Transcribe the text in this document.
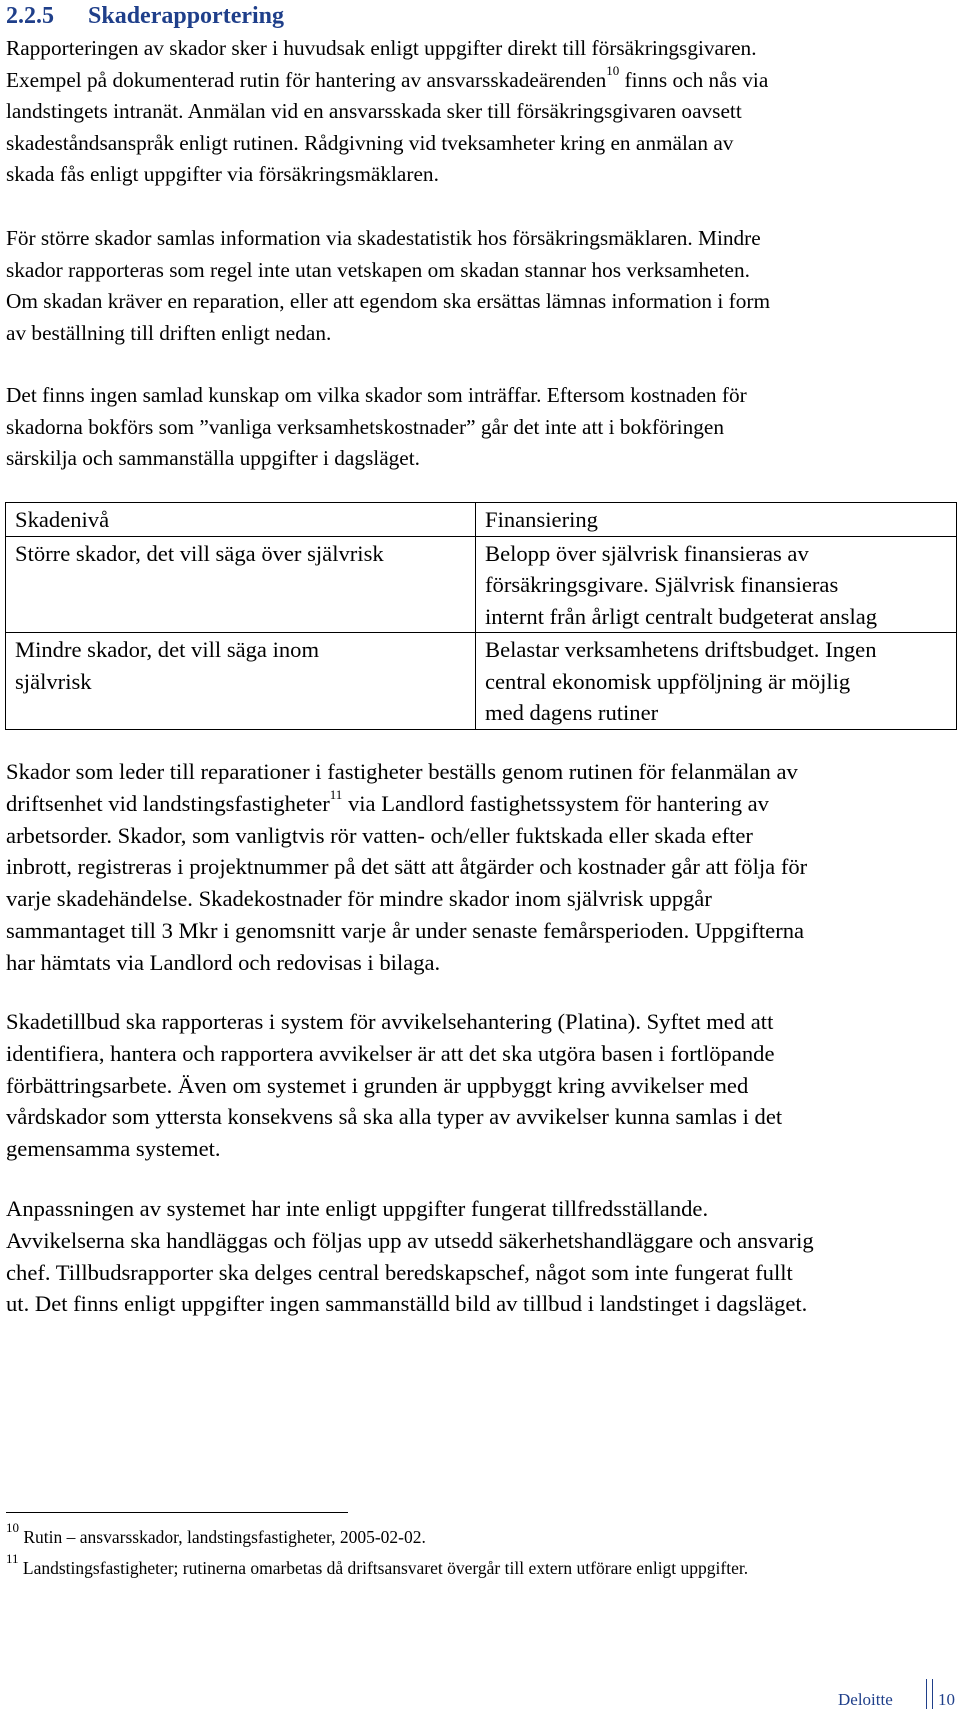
2.2.5 Skaderapportering
Rapporteringen av skador sker i huvudsak enligt uppgifter direkt till försäkringsgivaren.
Exempel på dokumenterad rutin för hantering av ansvarsskadeärenden$^{10}$ finns och nås via
landstingets intranät. Anmälan vid en ansvarsskada sker till försäkringsgivaren oavsett
skadeståndsanspråk enligt rutinen. Rådgivning vid tveksamheter kring en anmälan av
skada fås enligt uppgifter via försäkringsmäklaren.
För större skador samlas information via skadestatistik hos försäkringsmäklaren. Mindre
skador rapporteras som regel inte utan vetskapen om skadan stannar hos verksamheten.
Om skadan kräver en reparation, eller att egendom ska ersättas lämnas information i form
av beställning till driften enligt nedan.
Det finns ingen samlad kunskap om vilka skador som inträffar. Eftersom kostnaden för
skadorna bokförs som ”vanliga verksamhetskostnader” går det inte att i bokföringen
särskilja och sammanställa uppgifter i dagsläget.
Skadenivå	Finansiering
Större skador, det vill säga över självrisk	Belopp över självrisk finansieras av
försäkringsgivare. Självrisk finansieras
internt från årligt centralt budgeterat anslag

Mindre skador, det vill säga inom
självrisk	Belastar verksamhetens driftsbudget. Ingen
central ekonomisk uppföljning är möjlig
med dagens rutiner
Skador som leder till reparationer i fastigheter beställs genom rutinen för felanmälan av
driftsenhet vid landstingsfastigheter$^{11}$ via Landlord fastighetssystem för hantering av
arbetsorder. Skador, som vanligtvis rör vatten- och/eller fuktskada eller skada efter
inbrott, registreras i projektnummer på det sätt att åtgärder och kostnader går att följa för
varje skadehändelse. Skadekostnader för mindre skador inom självrisk uppgår
sammantaget till 3 Mkr i genomsnitt varje år under senaste femårsperioden. Uppgifterna
har hämtats via Landlord och redovisas i bilaga.
Skadetillbud ska rapporteras i system för avvikelsehantering (Platina). Syftet med att
identifiera, hantera och rapportera avvikelser är att det ska utgöra basen i fortlöpande
förbättringsarbete. Även om systemet i grunden är uppbyggt kring avvikelser med
vårdskador som yttersta konsekvens så ska alla typer av avvikelser kunna samlas i det
gemensamma systemet.
Anpassningen av systemet har inte enligt uppgifter fungerat tillfredsställande.
Avvikelserna ska handläggas och följas upp av utsedd säkerhetshandläggare och ansvarig
chef. Tillbudsrapporter ska delges central beredskapschef, något som inte fungerat fullt
ut. Det finns enligt uppgifter ingen sammanställd bild av tillbud i landstinget i dagsläget.
$^{10}$ Rutin – ansvarsskador, landstingsfastigheter, 2005-02-02.
$^{11}$ Landstingsfastigheter; rutinerna omarbetas då driftsansvaret övergår till extern utförare enligt uppgifter.
Deloitte	10
